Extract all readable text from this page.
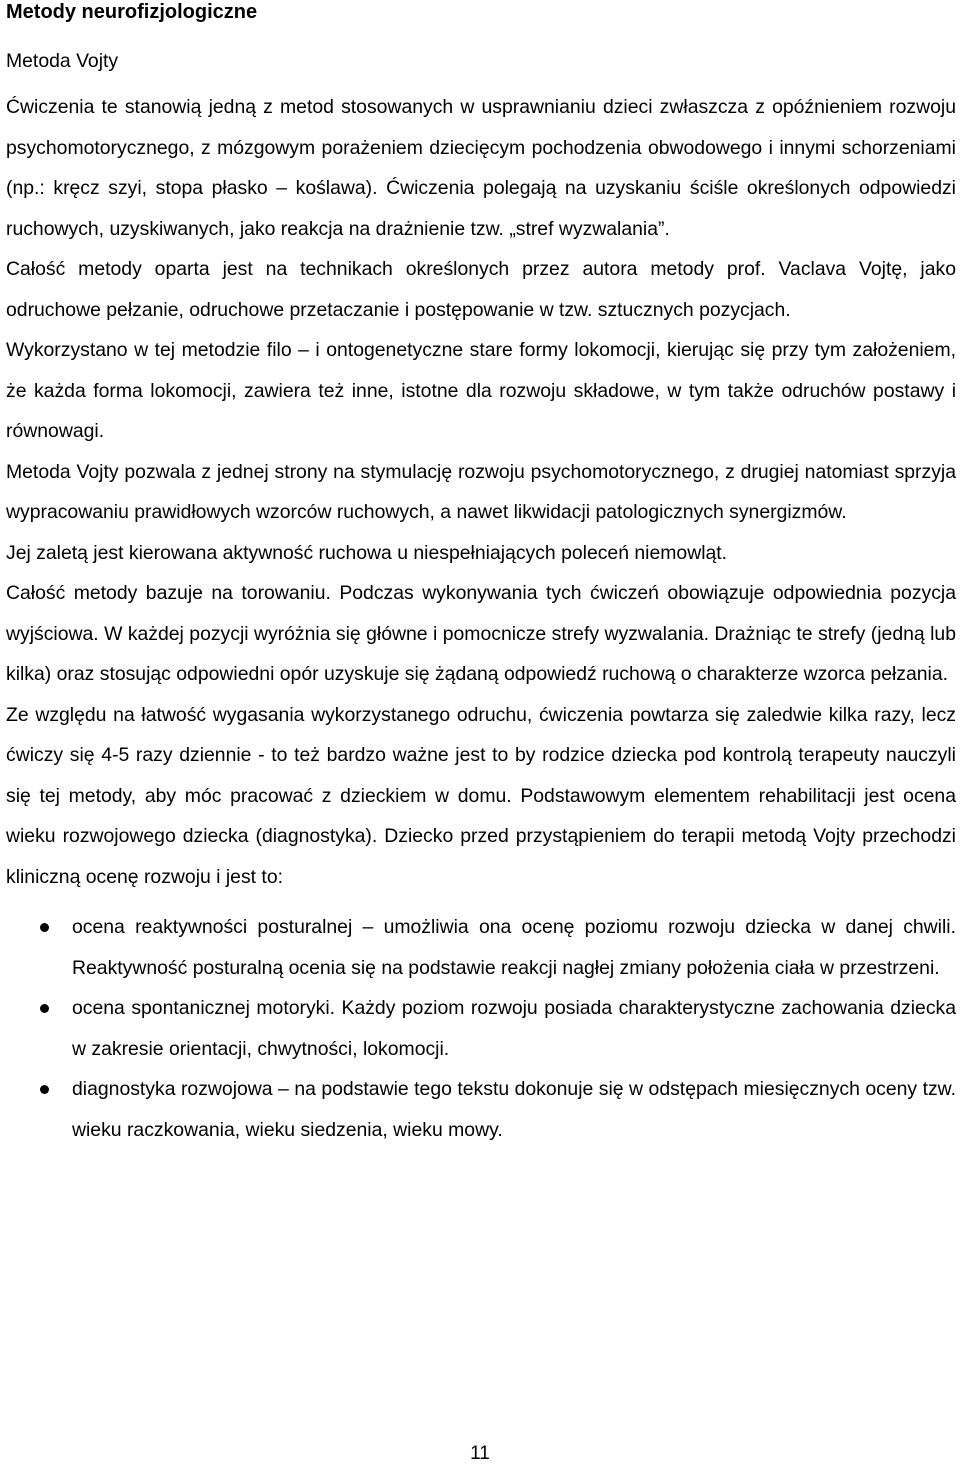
Metody neurofizjologiczne

Metoda Vojty

Ćwiczenia te stanowią jedną z metod stosowanych w usprawnianiu dzieci zwłaszcza z opóźnieniem rozwoju psychomotorycznego, z mózgowym porażeniem dziecięcym pochodzenia obwodowego i innymi schorzeniami (np.: kręcz szyi, stopa płasko – koślawa). Ćwiczenia polegają na uzyskaniu ściśle określonych odpowiedzi ruchowych, uzyskiwanych, jako reakcja na drażnienie tzw. „stref wyzwalania”.

Całość metody oparta jest na technikach określonych przez autora metody prof. Vaclava Vojtę, jako odruchowe pełzanie, odruchowe przetaczanie i postępowanie w tzw. sztucznych pozycjach.

Wykorzystano w tej metodzie filo – i ontogenetyczne stare formy lokomocji, kierując się przy tym założeniem, że każda forma lokomocji, zawiera też inne, istotne dla rozwoju składowe, w tym także odruchów postawy i równowagi.

Metoda Vojty pozwala z jednej strony na stymulację rozwoju psychomotorycznego, z drugiej natomiast sprzyja wypracowaniu prawidłowych wzorców ruchowych, a nawet likwidacji patologicznych synergizmów.

Jej zaletą jest kierowana aktywność ruchowa u niespełniających poleceń niemowląt.

Całość metody bazuje na torowaniu. Podczas wykonywania tych ćwiczeń obowiązuje odpowiednia pozycja wyjściowa. W każdej pozycji wyróżnia się główne i pomocnicze strefy wyzwalania. Drażniąc te strefy (jedną lub kilka) oraz stosując odpowiedni opór uzyskuje się żądaną odpowiedź ruchową o charakterze wzorca pełzania.

Ze względu na łatwość wygasania wykorzystanego odruchu, ćwiczenia powtarza się zaledwie kilka razy, lecz ćwiczy się 4-5 razy dziennie - to też bardzo ważne jest to by rodzice dziecka pod kontrolą terapeuty nauczyli się tej metody, aby móc pracować z dzieckiem w domu. Podstawowym elementem rehabilitacji jest ocena wieku rozwojowego dziecka (diagnostyka). Dziecko przed przystąpieniem do terapii metodą Vojty przechodzi kliniczną ocenę rozwoju i jest to:

ocena reaktywności posturalnej – umożliwia ona ocenę poziomu rozwoju dziecka w danej chwili. Reaktywność posturalną ocenia się na podstawie reakcji nagłej zmiany położenia ciała w przestrzeni.
ocena spontanicznej motoryki. Każdy poziom rozwoju posiada charakterystyczne zachowania dziecka w zakresie orientacji, chwytności, lokomocji.
diagnostyka rozwojowa – na podstawie tego tekstu dokonuje się w odstępach miesięcznych oceny tzw. wieku raczkowania, wieku siedzenia, wieku mowy.
11
